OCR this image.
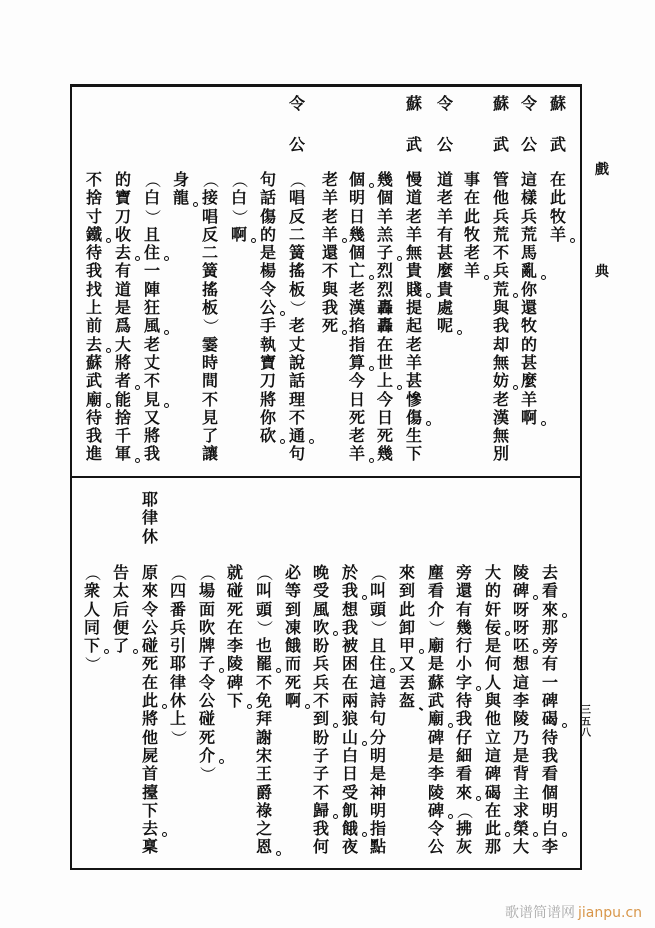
戲
典
三
五
八
蘇
武
在
此
牧
羊
令
公
這
樣
兵
荒
馬
亂
你
還
牧
的
甚
麼
羊
啊
蘇
武
管
他
兵
荒
不
兵
荒
與
我
却
無
妨
老
漢
無
別
事
在
此
牧
老
羊
令
公
道
老
羊
有
甚
麼
貴
處
呢
蘇
武
慢
道
老
羊
無
貴
賤
提
起
老
羊
甚
慘
傷
生
下
幾
個
羊
羔
子
烈
烈
轟
轟
在
世
上
今
日
死
幾
個
明
日
幾
個
亡
老
漢
掐
指
算
今
日
死
老
羊
老
羊
老
羊
還
不
與
我
死
令
公
（
唱
反
二
簧
搖
板
）
老
丈
說
話
理
不
通
句
句
話
傷
的
是
楊
令
公
手
執
寶
刀
將
你
砍
（
白
）
啊
（
接
唱
反
二
簧
搖
板
）
霎
時
間
不
見
了
讓
身
龍
（
白
）
且
住
一
陣
狂
風
老
丈
不
見
又
將
我
的
寶
刀
收
去
有
道
是
爲
大
將
者
能
捨
千
軍
不
捨
寸
鐵
待
我
找
上
前
去
蘇
武
廟
待
我
進
去
看
來
那
旁
有
一
碑
碣
待
我
看
個
明
白
李
陵
碑
呀
呀
呸
想
這
李
陵
乃
是
背
主
求
榮
大
大
的
奸
佞
是
何
人
與
他
立
這
碑
碣
在
此
那
旁
還
有
幾
行
小
字
待
我
仔
細
看
來
（
拂
灰
塵
看
介
）
廟
是
蘇
武
廟
碑
是
李
陵
碑
令
公
來
到
此
卸
甲
又
丟
盔
（
叫
頭
）
且
住
這
詩
句
分
明
是
神
明
指
點
於
我
想
我
被
困
在
兩
狼
山
白
日
受
飢
餓
夜
晚
受
風
吹
盼
兵
兵
不
到
盼
子
子
不
歸
我
何
必
等
到
凍
餓
而
死
啊
（
叫
頭
）
也
罷
不
免
拜
謝
宋
王
爵
祿
之
恩
就
碰
死
在
李
陵
碑
下
（
場
面
吹
牌
子
令
公
碰
死
介
）
（
四
番
兵
引
耶
律
休
上
）
耶
律
休
原
來
令
公
碰
死
在
此
將
他
屍
首
擡
下
去
稟
告
太
后
便
了
（
衆
人
同
下
）
歌谱简谱网 jianpu.cn
